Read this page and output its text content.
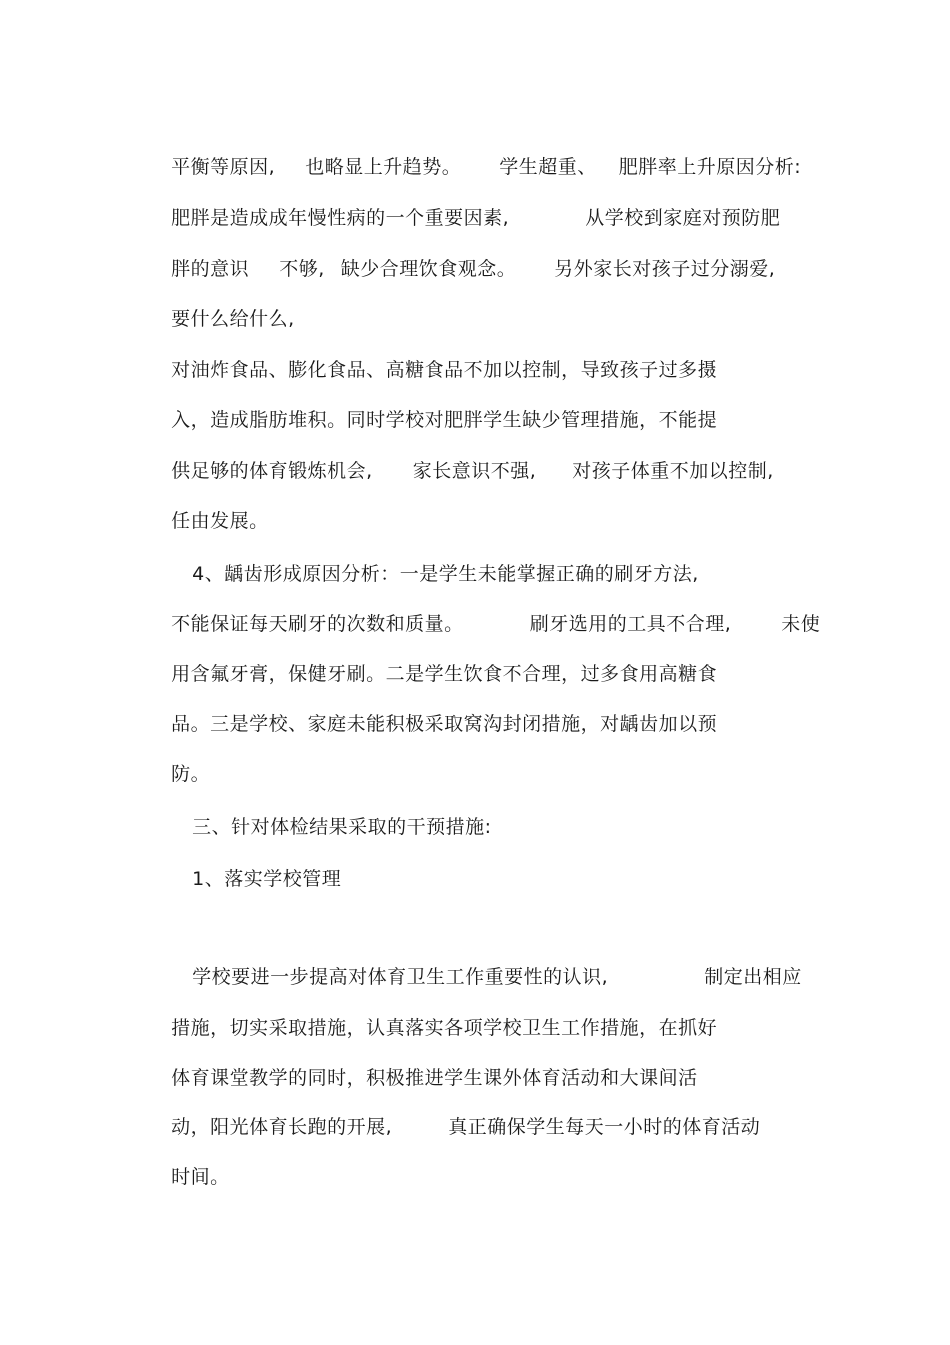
平衡等原因, 也略显上升趋势。 学生超重、 肥胖率上升原因分析:

肥胖是造成成年慢性病的一个重要因素,	从学校到家庭对预防肥

胖的意识 不够, 缺少合理饮食观念。 另外家长对孩子过分溺爱,

要什么给什么,

对油炸食品、膨化食品、高糖食品不加以控制，导致孩子过多摄

入，造成脂肪堆积。同时学校对肥胖学生缺少管理措施，不能提

供足够的体育锻炼机会, 家长意识不强, 对孩子体重不加以控制,

任由发展。

4、龋齿形成原因分析：一是学生未能掌握正确的刷牙方法,

不能保证每天刷牙的次数和质量。	刷牙选用的工具不合理,	未使

用含氟牙膏，保健牙刷。二是学生饮食不合理，过多食用高糖食

品。三是学校、家庭未能积极采取窝沟封闭措施，对龋齿加以预

防。

三、针对体检结果采取的干预措施:

1、落实学校管理

学校要进一步提高对体育卫生工作重要性的认识,	制定出相应

措施，切实采取措施，认真落实各项学校卫生工作措施，在抓好

体育课堂教学的同时，积极推进学生课外体育活动和大课间活

动，阳光体育长跑的开展,	真正确保学生每天一小时的体育活动

时间。
